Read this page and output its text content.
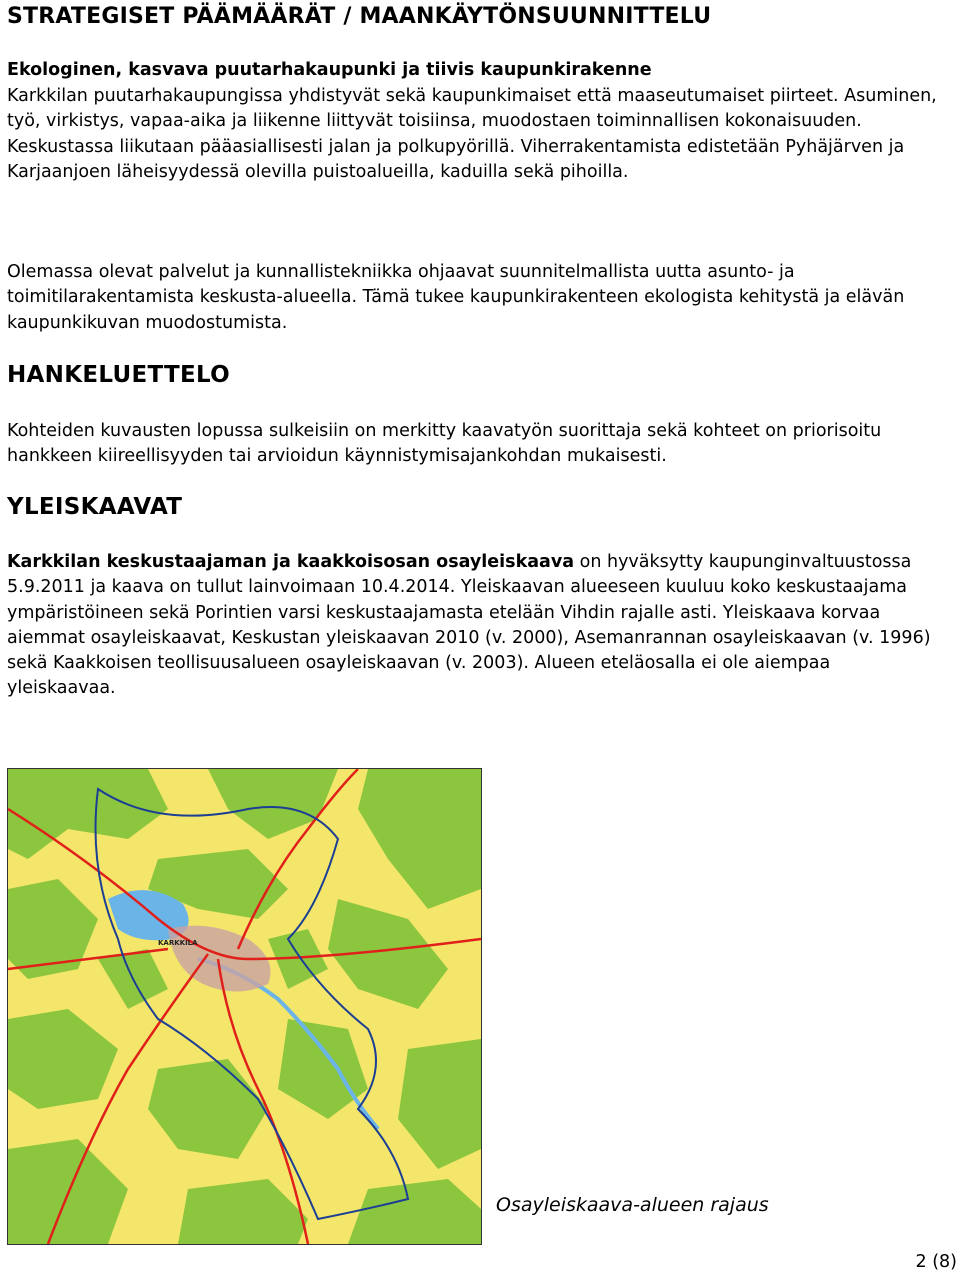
STRATEGISET PÄÄMÄÄRÄT / MAANKÄYTÖNSUUNNITTELU
Ekologinen, kasvava puutarhakaupunki ja tiivis kaupunkirakenne

Karkkilan puutarhakaupungissa yhdistyvät sekä kaupunkimaiset että maaseutumaiset piirteet. Asuminen, työ, virkistys, vapaa-aika ja liikenne liittyvät toisiinsa, muodostaen toiminnallisen kokonaisuuden. Keskustassa liikutaan pääasiallisesti jalan ja polkupyörillä. Viherrakentamista edistetään Pyhäjärven ja Karjaanjoen läheisyydessä olevilla puistoalueilla, kaduilla sekä pihoilla.

Olemassa olevat palvelut ja kunnallistekniikka ohjaavat suunnitelmallista uutta asunto- ja toimitilarakentamista keskusta-alueella. Tämä tukee kaupunkirakenteen ekologista kehitystä ja elävän kaupunkikuvan muodostumista.

HANKELUETTELO

Kohteiden kuvausten lopussa sulkeisiin on merkitty kaavatyön suorittaja sekä kohteet on priorisoitu hankkeen kiireellisyyden tai arvioidun käynnistymisajankohdan mukaisesti.

YLEISKAAVAT

Karkkilan keskustaajaman ja kaakkoisosan osayleiskaava on hyväksytty kaupunginvaltuustossa 5.9.2011 ja kaava on tullut lainvoimaan 10.4.2014. Yleiskaavan alueeseen kuuluu koko keskustaajama ympäristöineen sekä Porintien varsi keskustaajamasta etelään Vihdin rajalle asti. Yleiskaava korvaa aiemmat osayleiskaavat, Keskustan yleiskaavan 2010 (v. 2000), Asemanrannan osayleiskaavan (v. 1996) sekä Kaakkoisen teollisuusalueen osayleiskaavan (v. 2003). Alueen eteläosalla ei ole aiempaa yleiskaavaa.

KARKKILA
Osayleiskaava-alueen rajaus
2 (8)
